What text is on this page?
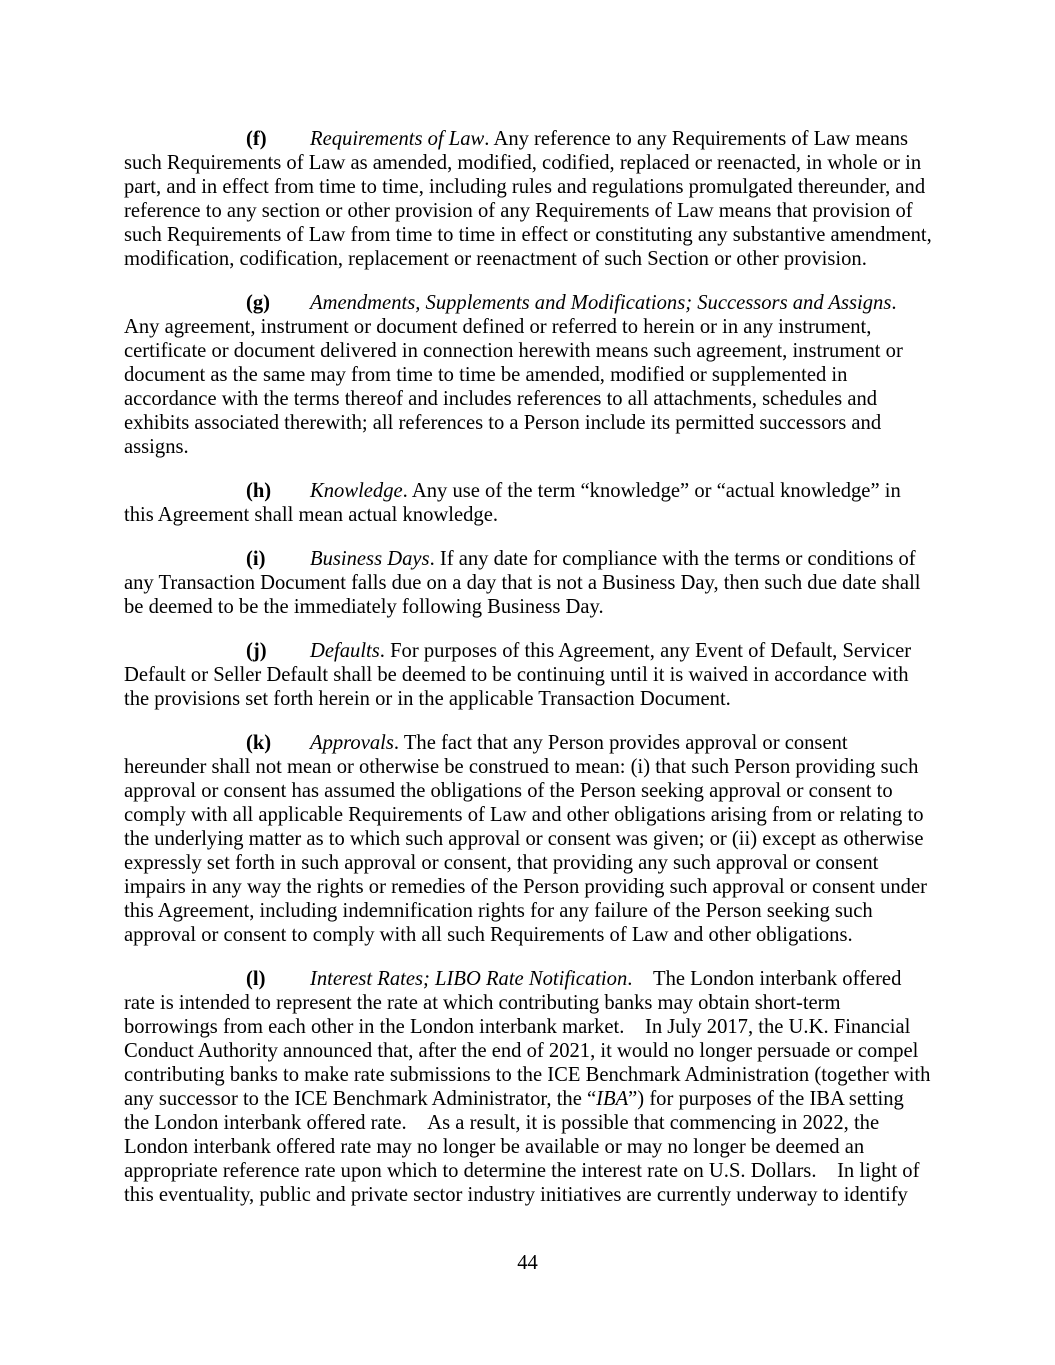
(f) Requirements of Law. Any reference to any Requirements of Law means such Requirements of Law as amended, modified, codified, replaced or reenacted, in whole or in part, and in effect from time to time, including rules and regulations promulgated thereunder, and reference to any section or other provision of any Requirements of Law means that provision of such Requirements of Law from time to time in effect or constituting any substantive amendment, modification, codification, replacement or reenactment of such Section or other provision.

(g) Amendments, Supplements and Modifications; Successors and Assigns. Any agreement, instrument or document defined or referred to herein or in any instrument, certificate or document delivered in connection herewith means such agreement, instrument or document as the same may from time to time be amended, modified or supplemented in accordance with the terms thereof and includes references to all attachments, schedules and exhibits associated therewith; all references to a Person include its permitted successors and assigns.

(h) Knowledge. Any use of the term “knowledge” or “actual knowledge” in this Agreement shall mean actual knowledge.

(i) Business Days. If any date for compliance with the terms or conditions of any Transaction Document falls due on a day that is not a Business Day, then such due date shall be deemed to be the immediately following Business Day.

(j) Defaults. For purposes of this Agreement, any Event of Default, Servicer Default or Seller Default shall be deemed to be continuing until it is waived in accordance with the provisions set forth herein or in the applicable Transaction Document.

(k) Approvals. The fact that any Person provides approval or consent hereunder shall not mean or otherwise be construed to mean: (i) that such Person providing such approval or consent has assumed the obligations of the Person seeking approval or consent to comply with all applicable Requirements of Law and other obligations arising from or relating to the underlying matter as to which such approval or consent was given; or (ii) except as otherwise expressly set forth in such approval or consent, that providing any such approval or consent impairs in any way the rights or remedies of the Person providing such approval or consent under this Agreement, including indemnification rights for any failure of the Person seeking such approval or consent to comply with all such Requirements of Law and other obligations.

(l) Interest Rates; LIBO Rate Notification. The London interbank offered rate is intended to represent the rate at which contributing banks may obtain short-term borrowings from each other in the London interbank market. In July 2017, the U.K. Financial Conduct Authority announced that, after the end of 2021, it would no longer persuade or compel contributing banks to make rate submissions to the ICE Benchmark Administration (together with any successor to the ICE Benchmark Administrator, the “IBA”) for purposes of the IBA setting the London interbank offered rate. As a result, it is possible that commencing in 2022, the London interbank offered rate may no longer be available or may no longer be deemed an appropriate reference rate upon which to determine the interest rate on U.S. Dollars. In light of this eventuality, public and private sector industry initiatives are currently underway to identify

44
